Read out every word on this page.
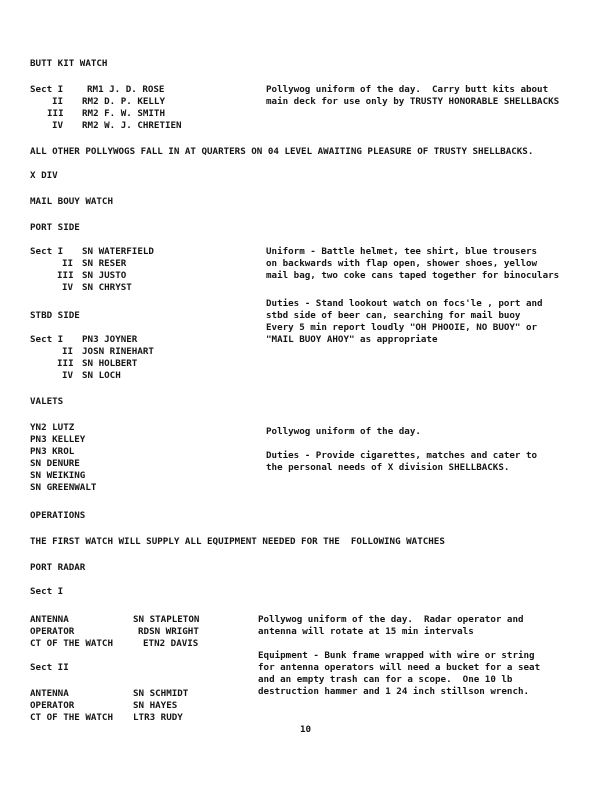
BUTT KIT WATCH
Sect I
II
III
IV
RM1 J. D. ROSE
RM2 D. P. KELLY
RM2 F. W. SMITH
RM2 W. J. CHRETIEN
Pollywog uniform of the day.  Carry butt kits about
main deck for use only by TRUSTY HONORABLE SHELLBACKS
ALL OTHER POLLYWOGS FALL IN AT QUARTERS ON 04 LEVEL AWAITING PLEASURE OF TRUSTY SHELLBACKS.
X DIV
MAIL BOUY WATCH
PORT SIDE
Sect I
II
III
IV
SN WATERFIELD
SN RESER
SN JUSTO
SN CHRYST
Uniform - Battle helmet, tee shirt, blue trousers
on backwards with flap open, shower shoes, yellow
mail bag, two coke cans taped together for binoculars
Duties - Stand lookout watch on focs'le , port and
stbd side of beer can, searching for mail buoy
Every 5 min report loudly "OH PHOOIE, NO BUOY" or
"MAIL BUOY AHOY" as appropriate
STBD SIDE
Sect I
II
III
IV
PN3 JOYNER
JOSN RINEHART
SN HOLBERT
SN LOCH
VALETS
YN2 LUTZ
PN3 KELLEY
PN3 KROL
SN DENURE
SN WEIKING
SN GREENWALT
Pollywog uniform of the day.
Duties - Provide cigarettes, matches and cater to
the personal needs of X division SHELLBACKS.
OPERATIONS
THE FIRST WATCH WILL SUPPLY ALL EQUIPMENT NEEDED FOR THE  FOLLOWING WATCHES
PORT RADAR
Sect I
ANTENNA
OPERATOR
CT OF THE WATCH
SN STAPLETON
RDSN WRIGHT
ETN2 DAVIS
Pollywog uniform of the day.  Radar operator and
antenna will rotate at 15 min intervals
Sect II
Equipment - Bunk frame wrapped with wire or string
for antenna operators will need a bucket for a seat
and an empty trash can for a scope.  One 10 lb
destruction hammer and 1 24 inch stillson wrench.
ANTENNA
OPERATOR
CT OF THE WATCH
SN SCHMIDT
SN HAYES
LTR3 RUDY
10
